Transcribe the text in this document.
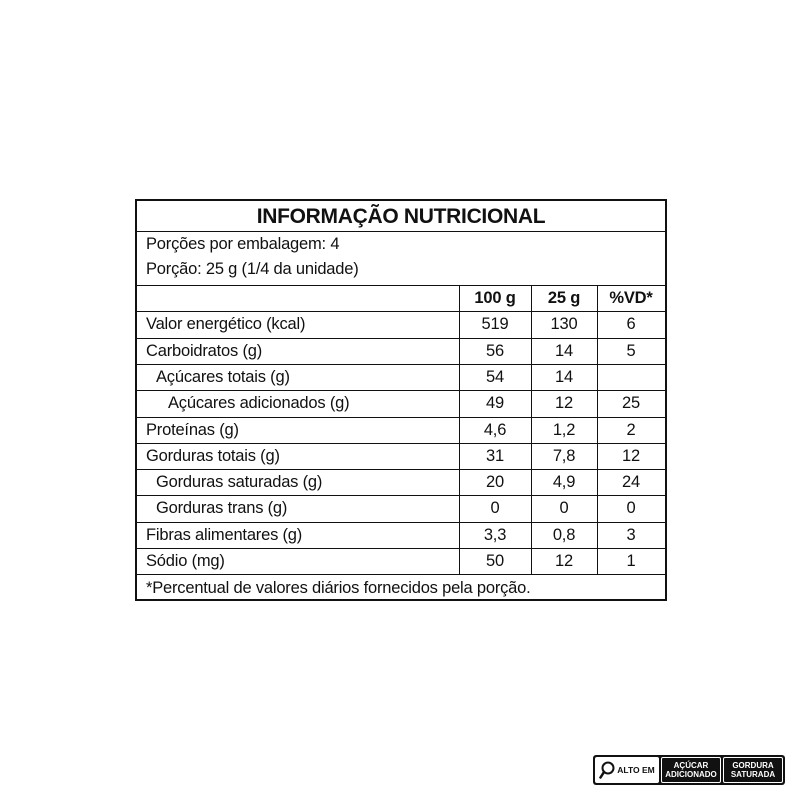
INFORMAÇÃO NUTRICIONAL
Porções por embalagem: 4
Porção: 25 g (1/4 da unidade)
*Percentual de valores diários fornecidos pela porção.
100 g	25 g	%VD*
Valor energético (kcal)	519	130	6
Carboidratos (g)	56	14	5
Açúcares totais (g)	54	14
Açúcares adicionados (g)	49	12	25
Proteínas (g)	4,6	1,2	2
Gorduras totais (g)	31	7,8	12
Gorduras saturadas (g)	20	4,9	24
Gorduras trans (g)	0	0	0
Fibras alimentares (g)	3,3	0,8	3
Sódio (mg)	50	12	1
ALTO EM AÇÚCAR
ADICIONADO
GORDURA
SATURADA
